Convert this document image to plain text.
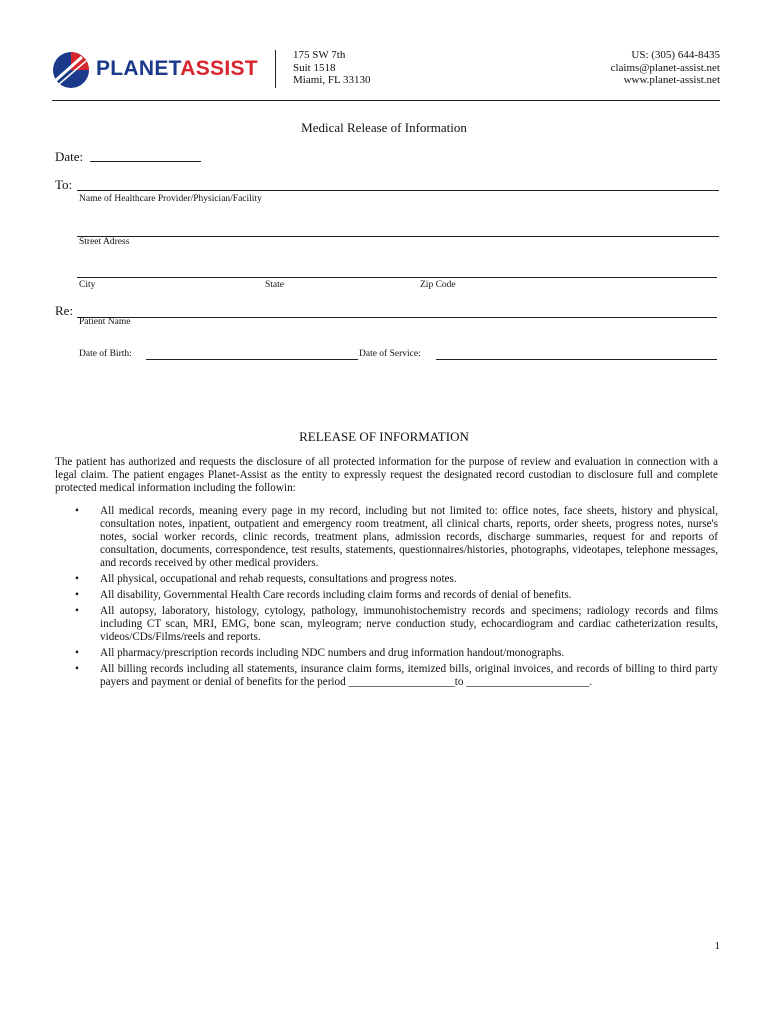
PLANETASSIST
175 SW 7th
Suit 1518
Miami, FL 33130
US: (305) 644-8435
claims@planet-assist.net
www.planet-assist.net
Medical Release of Information
Date:
To:
Name of Healthcare Provider/Physician/Facility
Street Adress
City	State	Zip Code
Re:
Patient Name
Date of Birth:	Date of Service:
RELEASE OF INFORMATION
The patient has authorized and requests the disclosure of all protected information for the purpose of review and evaluation in connection with a legal claim. The patient engages Planet-Assist as the entity to expressly request the designated record custodian to disclosure full and complete protected medical information including the followin:
• All medical records, meaning every page in my record, including but not limited to: office notes, face sheets, history and physical, consultation notes, inpatient, outpatient and emergency room treatment, all clinical charts, reports, order sheets, progress notes, nurse's notes, social worker records, clinic records, treatment plans, admission records, discharge summaries, request for and reports of consultation, documents, correspondence, test results, statements, questionnaires/histories, photographs, videotapes, telephone messages, and records received by other medical providers.
• All physical, occupational and rehab requests, consultations and progress notes.
• All disability, Governmental Health Care records including claim forms and records of denial of benefits.
• All autopsy, laboratory, histology, cytology, pathology, immunohistochemistry records and specimens; radiology records and films including CT scan, MRI, EMG, bone scan, myleogram; nerve conduction study, echocardiogram and cardiac catheterization results, videos/CDs/Films/reels and reports.
• All pharmacy/prescription records including NDC numbers and drug information handout/monographs.
• All billing records including all statements, insurance claim forms, itemized bills, original invoices, and records of billing to third party payers and payment or denial of benefits for the period ___________________to ______________________.
1
